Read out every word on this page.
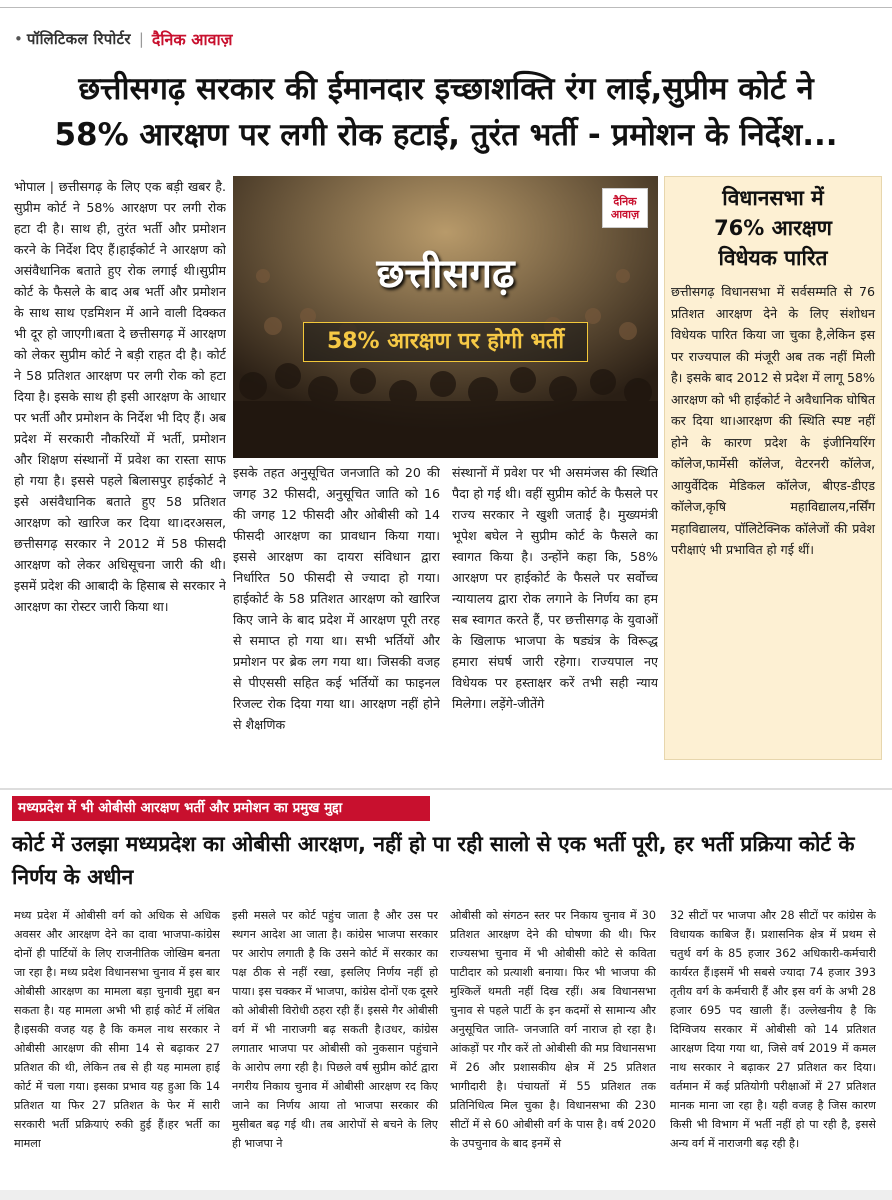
• पॉलिटिकल रिपोर्टर | दैनिक आवाज़
छत्तीसगढ़ सरकार की ईमानदार इच्छाशक्ति रंग लाई,सुप्रीम कोर्ट ने
58% आरक्षण पर लगी रोक हटाई, तुरंत भर्ती - प्रमोशन के निर्देश...
भोपाल | छत्तीसगढ़ के लिए एक बड़ी खबर है. सुप्रीम कोर्ट ने 58% आरक्षण पर लगी रोक हटा दी है। साथ ही, तुरंत भर्ती और प्रमोशन करने के निर्देश दिए हैं।हाईकोर्ट ने आरक्षण को असंवैधानिक बताते हुए रोक लगाई थी।सुप्रीम कोर्ट के फैसले के बाद अब भर्ती और प्रमोशन के साथ साथ एडमिशन में आने वाली दिक्कत भी दूर हो जाएगी।बता दे छत्तीसगढ़ में आरक्षण को लेकर सुप्रीम कोर्ट ने बड़ी राहत दी है। कोर्ट ने 58 प्रतिशत आरक्षण पर लगी रोक को हटा दिया है। इसके साथ ही इसी आरक्षण के आधार पर भर्ती और प्रमोशन के निर्देश भी दिए हैं। अब प्रदेश में सरकारी नौकरियों में भर्ती, प्रमोशन और शिक्षण संस्थानों में प्रवेश का रास्ता साफ हो गया है। इससे पहले बिलासपुर हाईकोर्ट ने इसे असंवैधानिक बताते हुए 58 प्रतिशत आरक्षण को खारिज कर दिया था।दरअसल, छत्तीसगढ़ सरकार ने 2012 में 58 फीसदी आरक्षण को लेकर अधिसूचना जारी की थी।इसमें प्रदेश की आबादी के हिसाब से सरकार ने आरक्षण का रोस्टर जारी किया था।
दैनिक
आवाज़
छत्तीसगढ़
58% आरक्षण पर होगी भर्ती
इसके तहत अनुसूचित जनजाति को 20 की जगह 32 फीसदी, अनुसूचित जाति को 16 की जगह 12 फीसदी और ओबीसी को 14 फीसदी आरक्षण का प्रावधान किया गया। इससे आरक्षण का दायरा संविधान द्वारा निर्धारित 50 फीसदी से ज्यादा हो गया।हाईकोर्ट के 58 प्रतिशत आरक्षण को खारिज किए जाने के बाद प्रदेश में आरक्षण पूरी तरह से समाप्त हो गया था। सभी भर्तियों और प्रमोशन पर ब्रेक लग गया था। जिसकी वजह से पीएससी सहित कई भर्तियों का फाइनल रिजल्ट रोक दिया गया था। आरक्षण नहीं होने से शैक्षणिक
संस्थानों में प्रवेश पर भी असमंजस की स्थिति पैदा हो गई थी। वहीं सुप्रीम कोर्ट के फैसले पर राज्य सरकार ने खुशी जताई है। मुख्यमंत्री भूपेश बघेल ने सुप्रीम कोर्ट के फैसले का स्वागत किया है। उन्होंने कहा कि, 58% आरक्षण पर हाईकोर्ट के फैसले पर सर्वोच्च न्यायालय द्वारा रोक लगाने के निर्णय का हम सब स्वागत करते हैं, पर छत्तीसगढ़ के युवाओं के खिलाफ भाजपा के षड्यंत्र के विरूद्ध हमारा संघर्ष जारी रहेगा। राज्यपाल नए विधेयक पर हस्ताक्षर करें तभी सही न्याय मिलेगा। लड़ेंगे-जीतेंगे
विधानसभा में
76% आरक्षण
विधेयक पारित
छत्तीसगढ़ विधानसभा में सर्वसम्मति से 76 प्रतिशत आरक्षण देने के लिए संशोधन विधेयक पारित किया जा चुका है,लेकिन इस पर राज्यपाल की मंजूरी अब तक नहीं मिली है। इसके बाद 2012 से प्रदेश में लागू 58% आरक्षण को भी हाईकोर्ट ने अवैधानिक घोषित कर दिया था।आरक्षण की स्थिति स्पष्ट नहीं होने के कारण प्रदेश के इंजीनियरिंग कॉलेज,फार्मेसी कॉलेज, वेटरनरी कॉलेज, आयुर्वेदिक मेडिकल कॉलेज, बीएड-डीएड कॉलेज,कृषि महाविद्यालय,नर्सिंग महाविद्यालय, पॉलिटेक्निक कॉलेजों की प्रवेश परीक्षाएं भी प्रभावित हो गई थीं।
मध्यप्रदेश में भी ओबीसी आरक्षण भर्ती और प्रमोशन का प्रमुख मुद्दा
कोर्ट में उलझा मध्यप्रदेश का ओबीसी आरक्षण, नहीं हो पा रही सालो से एक भर्ती पूरी, हर भर्ती प्रक्रिया कोर्ट के निर्णय के अधीन
मध्य प्रदेश में ओबीसी वर्ग को अधिक से अधिक अवसर और आरक्षण देने का दावा भाजपा-कांग्रेस दोनों ही पार्टियों के लिए राजनीतिक जोखिम बनता जा रहा है। मध्य प्रदेश विधानसभा चुनाव में इस बार ओबीसी आरक्षण का मामला बड़ा चुनावी मुद्दा बन सकता है। यह मामला अभी भी हाई कोर्ट में लंबित है।इसकी वजह यह है कि कमल नाथ सरकार ने ओबीसी आरक्षण की सीमा 14 से बढ़ाकर 27 प्रतिशत की थी, लेकिन तब से ही यह मामला हाई कोर्ट में चला गया। इसका प्रभाव यह हुआ कि 14 प्रतिशत या फिर 27 प्रतिशत के फेर में सारी सरकारी भर्ती प्रक्रियाएं रुकी हुई हैं।हर भर्ती का मामला
इसी मसले पर कोर्ट पहुंच जाता है और उस पर स्थगन आदेश आ जाता है। कांग्रेस भाजपा सरकार पर आरोप लगाती है कि उसने कोर्ट में सरकार का पक्ष ठीक से नहीं रखा, इसलिए निर्णय नहीं हो पाया। इस चक्कर में भाजपा, कांग्रेस दोनों एक दूसरे को ओबीसी विरोधी ठहरा रही हैं। इससे गैर ओबीसी वर्ग में भी नाराजगी बढ़ सकती है।उधर, कांग्रेस लगातार भाजपा पर ओबीसी को नुकसान पहुंचाने के आरोप लगा रही है। पिछले वर्ष सुप्रीम कोर्ट द्वारा नगरीय निकाय चुनाव में ओबीसी आरक्षण रद किए जाने का निर्णय आया तो भाजपा सरकार की मुसीबत बढ़ गई थी। तब आरोपों से बचने के लिए ही भाजपा ने
ओबीसी को संगठन स्तर पर निकाय चुनाव में 30 प्रतिशत आरक्षण देने की घोषणा की थी। फिर राज्यसभा चुनाव में भी ओबीसी कोटे से कविता पाटीदार को प्रत्याशी बनाया। फिर भी भाजपा की मुश्किलें थमती नहीं दिख रहीं। अब विधानसभा चुनाव से पहले पार्टी के इन कदमों से सामान्य और अनुसूचित जाति- जनजाति वर्ग नाराज हो रहा है।आंकड़ों पर गौर करें तो ओबीसी की मप्र विधानसभा में 26 और प्रशासकीय क्षेत्र में 25 प्रतिशत भागीदारी है। पंचायतों में 55 प्रतिशत तक प्रतिनिधित्व मिल चुका है। विधानसभा की 230 सीटों में से 60 ओबीसी वर्ग के पास है। वर्ष 2020 के उपचुनाव के बाद इनमें से
32 सीटों पर भाजपा और 28 सीटों पर कांग्रेस के विधायक काबिज हैं। प्रशासनिक क्षेत्र में प्रथम से चतुर्थ वर्ग के 85 हजार 362 अधिकारी-कर्मचारी कार्यरत हैं।इसमें भी सबसे ज्यादा 74 हजार 393 तृतीय वर्ग के कर्मचारी हैं और इस वर्ग के अभी 28 हजार 695 पद खाली हैं। उल्लेखनीय है कि दिग्विजय सरकार में ओबीसी को 14 प्रतिशत आरक्षण दिया गया था, जिसे वर्ष 2019 में कमल नाथ सरकार ने बढ़ाकर 27 प्रतिशत कर दिया। वर्तमान में कई प्रतियोगी परीक्षाओं में 27 प्रतिशत मानक माना जा रहा है। यही वजह है जिस कारण किसी भी विभाग में भर्ती नहीं हो पा रही है, इससे अन्य वर्ग में नाराजगी बढ़ रही है।
